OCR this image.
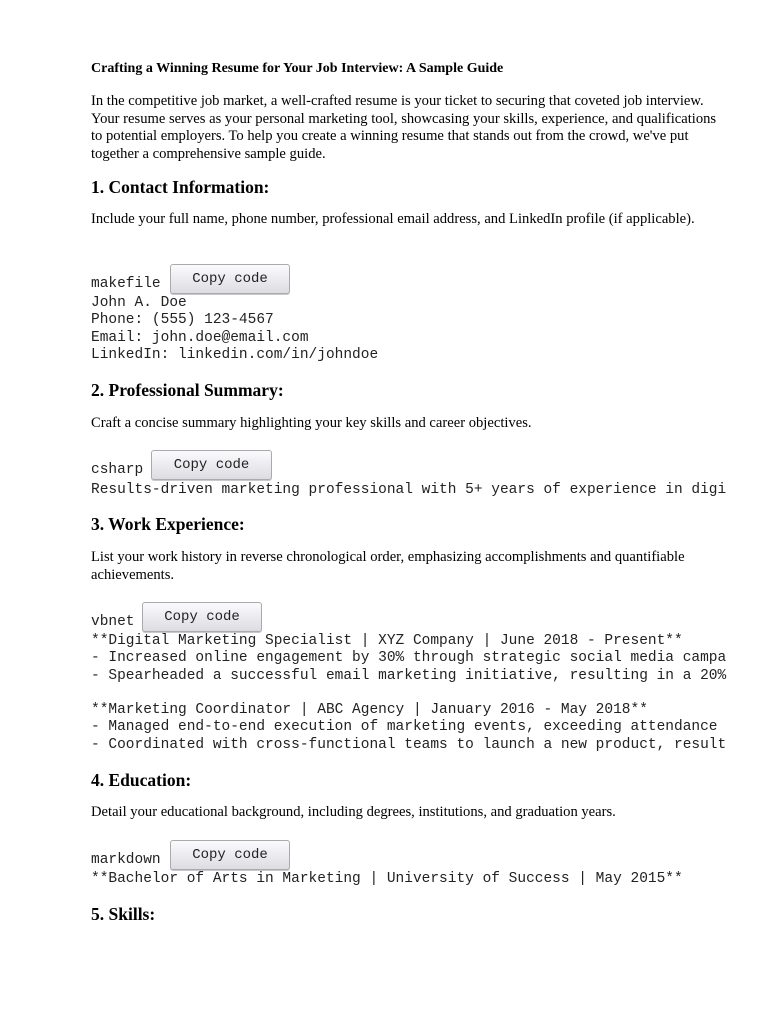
Crafting a Winning Resume for Your Job Interview: A Sample Guide
In the competitive job market, a well-crafted resume is your ticket to securing that coveted job interview. Your resume serves as your personal marketing tool, showcasing your skills, experience, and qualifications to potential employers. To help you create a winning resume that stands out from the crowd, we've put together a comprehensive sample guide.
1. Contact Information:
Include your full name, phone number, professional email address, and LinkedIn profile (if applicable).
makefile	Copy code
John A. Doe
Phone: (555) 123-4567
Email: john.doe@email.com
LinkedIn: linkedin.com/in/johndoe
2. Professional Summary:
Craft a concise summary highlighting your key skills and career objectives.
csharp	Copy code
Results-driven marketing professional with 5+ years of experience in digi
3. Work Experience:
List your work history in reverse chronological order, emphasizing accomplishments and quantifiable achievements.
vbnet	Copy code
**Digital Marketing Specialist | XYZ Company | June 2018 - Present**
- Increased online engagement by 30% through strategic social media campa
- Spearheaded a successful email marketing initiative, resulting in a 20%

**Marketing Coordinator | ABC Agency | January 2016 - May 2018**
- Managed end-to-end execution of marketing events, exceeding attendance
- Coordinated with cross-functional teams to launch a new product, result
4. Education:
Detail your educational background, including degrees, institutions, and graduation years.
markdown	Copy code
**Bachelor of Arts in Marketing | University of Success | May 2015**
5. Skills:
